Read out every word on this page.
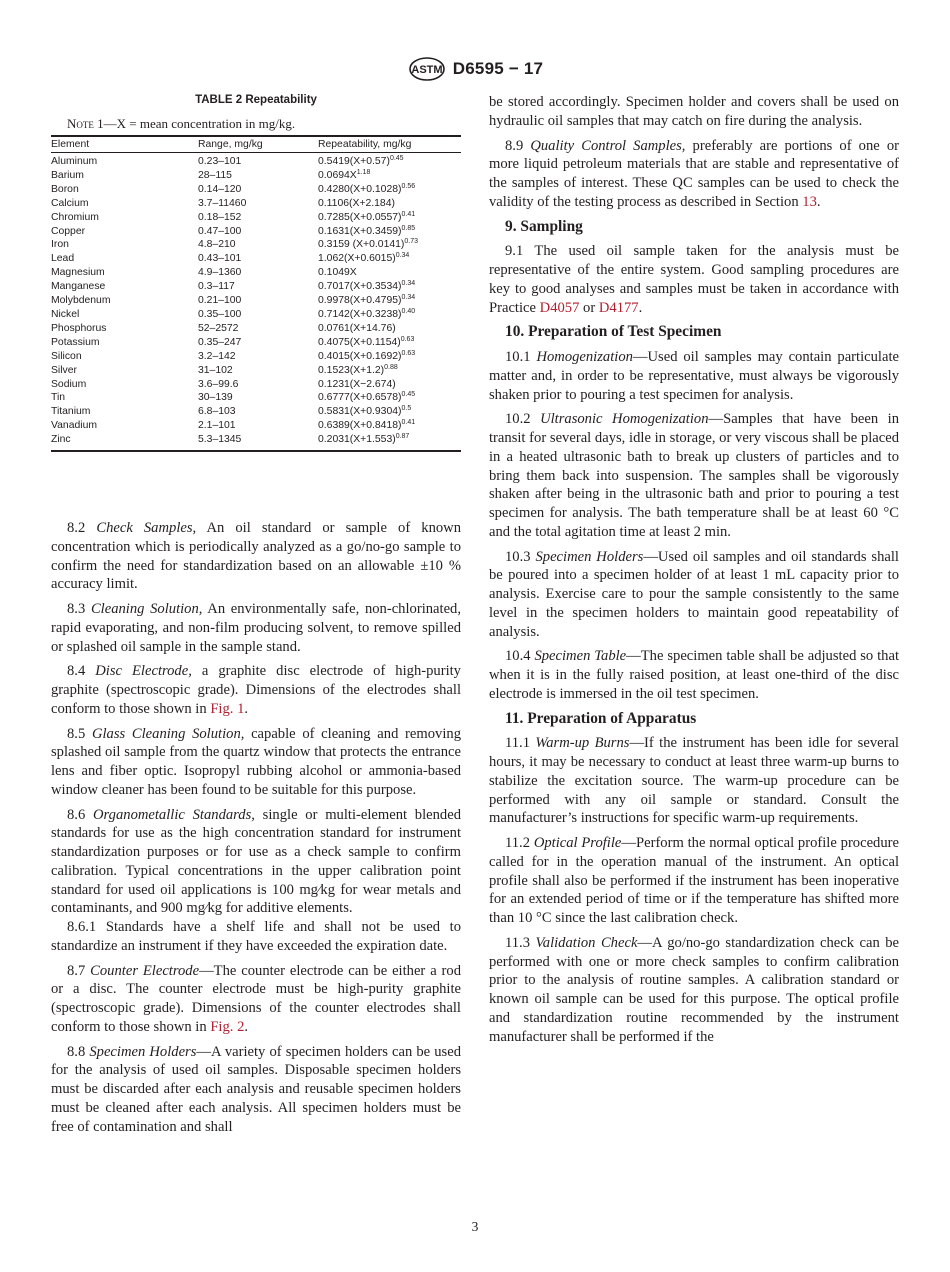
ASTM D6595 − 17
TABLE 2 Repeatability
Note 1—X = mean concentration in mg/kg.
Element	Range, mg/kg	Repeatability, mg/kg
Aluminum	0.23–101	$0.5419(X+0.57)^{0.45}$
Barium	28–115	$0.0694X^{1.18}$
Boron	0.14–120	$0.4280(X+0.1028)^{0.56}$
Calcium	3.7–11460	0.1106(X+2.184)
Chromium	0.18–152	$0.7285(X+0.0557)^{0.41}$
Copper	0.47–100	$0.1631(X+0.3459)^{0.85}$
Iron	4.8–210	0.3159 $(X+0.0141)^{0.73}$
Lead	0.43–101	$1.062(X+0.6015)^{0.34}$
Magnesium	4.9–1360	0.1049X
Manganese	0.3–117	$0.7017(X+0.3534)^{0.34}$
Molybdenum	0.21–100	$0.9978(X+0.4795)^{0.34}$
Nickel	0.35–100	$0.7142(X+0.3238)^{0.40}$
Phosphorus	52–2572	0.0761(X+14.76)
Potassium	0.35–247	$0.4075(X+0.1154)^{0.63}$
Silicon	3.2–142	$0.4015(X+0.1692)^{0.63}$
Silver	31–102	$0.1523(X+1.2)^{0.88}$
Sodium	3.6–99.6	0.1231(X−2.674)
Tin	30–139	$0.6777(X+0.6578)^{0.45}$
Titanium	6.8–103	$0.5831(X+0.9304)^{0.5}$
Vanadium	2.1–101	$0.6389(X+0.8418)^{0.41}$
Zinc	5.3–1345	$0.2031(X+1.553)^{0.87}$

8.2 Check Samples, An oil standard or sample of known concentration which is periodically analyzed as a go/no-go sample to confirm the need for standardization based on an allowable ±10 % accuracy limit.

8.3 Cleaning Solution, An environmentally safe, non-chlorinated, rapid evaporating, and non-film producing solvent, to remove spilled or splashed oil sample in the sample stand.

8.4 Disc Electrode, a graphite disc electrode of high-purity graphite (spectroscopic grade). Dimensions of the electrodes shall conform to those shown in Fig. 1.

8.5 Glass Cleaning Solution, capable of cleaning and removing splashed oil sample from the quartz window that protects the entrance lens and fiber optic. Isopropyl rubbing alcohol or ammonia-based window cleaner has been found to be suitable for this purpose.

8.6 Organometallic Standards, single or multi-element blended standards for use as the high concentration standard for instrument standardization purposes or for use as a check sample to confirm calibration. Typical concentrations in the upper calibration point standard for used oil applications is 100 mg⁄kg for wear metals and contaminants, and 900 mg⁄kg for additive elements.

8.6.1 Standards have a shelf life and shall not be used to standardize an instrument if they have exceeded the expiration date.

8.7 Counter Electrode—The counter electrode can be either a rod or a disc. The counter electrode must be high-purity graphite (spectroscopic grade). Dimensions of the counter electrodes shall conform to those shown in Fig. 2.

8.8 Specimen Holders—A variety of specimen holders can be used for the analysis of used oil samples. Disposable specimen holders must be discarded after each analysis and reusable specimen holders must be cleaned after each analysis. All specimen holders must be free of contamination and shall

be stored accordingly. Specimen holder and covers shall be used on hydraulic oil samples that may catch on fire during the analysis.

8.9 Quality Control Samples, preferably are portions of one or more liquid petroleum materials that are stable and representative of the samples of interest. These QC samples can be used to check the validity of the testing process as described in Section 13.

9. Sampling

9.1 The used oil sample taken for the analysis must be representative of the entire system. Good sampling procedures are key to good analyses and samples must be taken in accordance with Practice D4057 or D4177.

10. Preparation of Test Specimen

10.1 Homogenization—Used oil samples may contain particulate matter and, in order to be representative, must always be vigorously shaken prior to pouring a test specimen for analysis.

10.2 Ultrasonic Homogenization—Samples that have been in transit for several days, idle in storage, or very viscous shall be placed in a heated ultrasonic bath to break up clusters of particles and to bring them back into suspension. The samples shall be vigorously shaken after being in the ultrasonic bath and prior to pouring a test specimen for analysis. The bath temperature shall be at least 60 °C and the total agitation time at least 2 min.

10.3 Specimen Holders—Used oil samples and oil standards shall be poured into a specimen holder of at least 1 mL capacity prior to analysis. Exercise care to pour the sample consistently to the same level in the specimen holders to maintain good repeatability of analysis.

10.4 Specimen Table—The specimen table shall be adjusted so that when it is in the fully raised position, at least one-third of the disc electrode is immersed in the oil test specimen.

11. Preparation of Apparatus

11.1 Warm-up Burns—If the instrument has been idle for several hours, it may be necessary to conduct at least three warm-up burns to stabilize the excitation source. The warm-up procedure can be performed with any oil sample or standard. Consult the manufacturer’s instructions for specific warm-up requirements.

11.2 Optical Profile—Perform the normal optical profile procedure called for in the operation manual of the instrument. An optical profile shall also be performed if the instrument has been inoperative for an extended period of time or if the temperature has shifted more than 10 °C since the last calibration check.

11.3 Validation Check—A go/no-go standardization check can be performed with one or more check samples to confirm calibration prior to the analysis of routine samples. A calibration standard or known oil sample can be used for this purpose. The optical profile and standardization routine recommended by the instrument manufacturer shall be performed if the

3
